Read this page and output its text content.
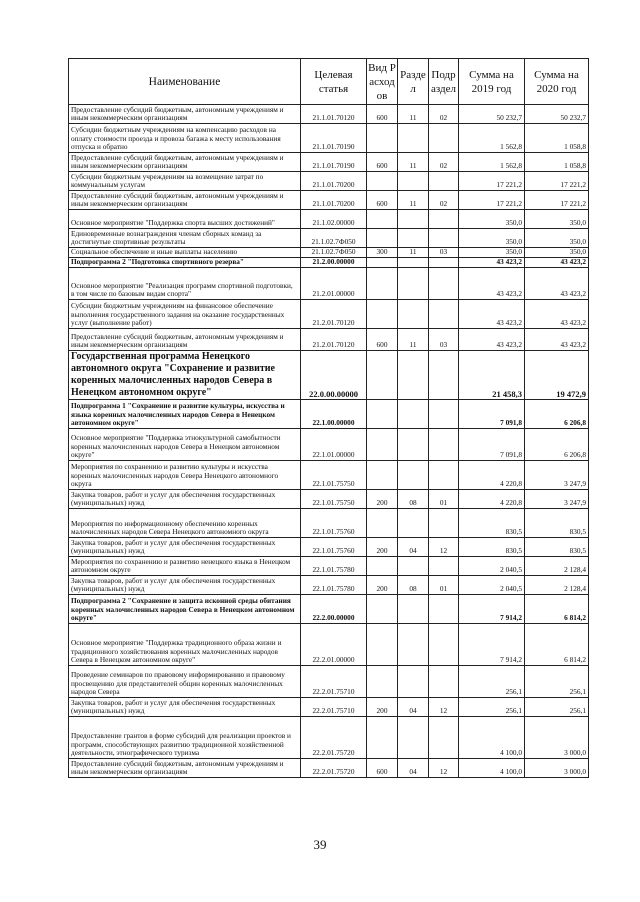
Наименование	Целевая статья	Вид Расходов	Раздел	Подраздел	Сумма на 2019 год	Сумма на 2020 год
Предоставление субсидий бюджетным, автономным учреждениям и иным некоммерческим организациям	21.1.01.70120	600	11	02	50 232,7	50 232,7
Субсидии бюджетным учреждениям на компенсацию расходов на оплату стоимости проезда и провоза багажа к месту использования отпуска и обратно	21.1.01.70190				1 562,8	1 058,8
Предоставление субсидий бюджетным, автономным учреждениям и иным некоммерческим организациям	21.1.01.70190	600	11	02	1 562,8	1 058,8
Субсидии бюджетным учреждениям на возмещение затрат по коммунальным услугам	21.1.01.70200				17 221,2	17 221,2
Предоставление субсидий бюджетным, автономным учреждениям и иным некоммерческим организациям	21.1.01.70200	600	11	02	17 221,2	17 221,2
Основное мероприятие "Поддержка спорта высших достижений"	21.1.02.00000				350,0	350,0
Единовременные вознаграждения членам сборных команд за достигнутые спортивные результаты	21.1.02.7Ф050				350,0	350,0
Социальное обеспечение и иные выплаты населению	21.1.02.7Ф050	300	11	03	350,0	350,0
Подпрограмма 2 "Подготовка спортивного резерва"	21.2.00.00000				43 423,2	43 423,2
Основное мероприятие "Реализация программ спортивной подготовки, в том числе по базовым видам спорта"	21.2.01.00000				43 423,2	43 423,2
Субсидии бюджетным учреждениям на финансовое обеспечение выполнения государственного задания на оказание государственных услуг (выполнение работ)	21.2.01.70120				43 423,2	43 423,2
Предоставление субсидий бюджетным, автономным учреждениям и иным некоммерческим организациям	21.2.01.70120	600	11	03	43 423,2	43 423,2
Государственная программа Ненецкого автономного округа "Сохранение и развитие коренных малочисленных народов Севера в Ненецком автономном округе"	22.0.00.00000				21 458,3	19 472,9
Подпрограмма 1 "Сохранение и развитие культуры, искусства и языка коренных малочисленных народов Севера в Ненецком автономном округе"	22.1.00.00000				7 091,8	6 206,8
Основное мероприятие "Поддержка этнокультурной самобытности коренных малочисленных народов Севера в Ненецком автономном округе"	22.1.01.00000				7 091,8	6 206,8
Мероприятия по сохранению и развитию культуры и искусства коренных малочисленных народов Севера Ненецкого автономного округа	22.1.01.75750				4 220,8	3 247,9
Закупка товаров, работ и услуг для обеспечения государственных (муниципальных) нужд	22.1.01.75750	200	08	01	4 220,8	3 247,9
Мероприятия по информационному обеспечению коренных малочисленных народов Севера Ненецкого автономного округа	22.1.01.75760				830,5	830,5
Закупка товаров, работ и услуг для обеспечения государственных (муниципальных) нужд	22.1.01.75760	200	04	12	830,5	830,5
Мероприятия по сохранению и развитию ненецкого языка в Ненецком автономном округе	22.1.01.75780				2 040,5	2 128,4
Закупка товаров, работ и услуг для обеспечения государственных (муниципальных) нужд	22.1.01.75780	200	08	01	2 040,5	2 128,4
Подпрограмма 2 "Сохранение и защита исконной среды обитания коренных малочисленных народов Севера в Ненецком автономном округе"	22.2.00.00000				7 914,2	6 814,2
Основное мероприятие "Поддержка традиционного образа жизни и традиционного хозяйствования коренных малочисленных народов Севера в Ненецком автономном округе"	22.2.01.00000				7 914,2	6 814,2
Проведение семинаров по правовому информированию и правовому просвещению для представителей общин коренных малочисленных народов Севера	22.2.01.75710				256,1	256,1
Закупка товаров, работ и услуг для обеспечения государственных (муниципальных) нужд	22.2.01.75710	200	04	12	256,1	256,1
Предоставление грантов в форме субсидий для реализации проектов и программ, способствующих развитию традиционной хозяйственной деятельности, этнографического туризма	22.2.01.75720				4 100,0	3 000,0
Предоставление субсидий бюджетным, автономным учреждениям и иным некоммерческим организациям	22.2.01.75720	600	04	12	4 100,0	3 000,0
39
